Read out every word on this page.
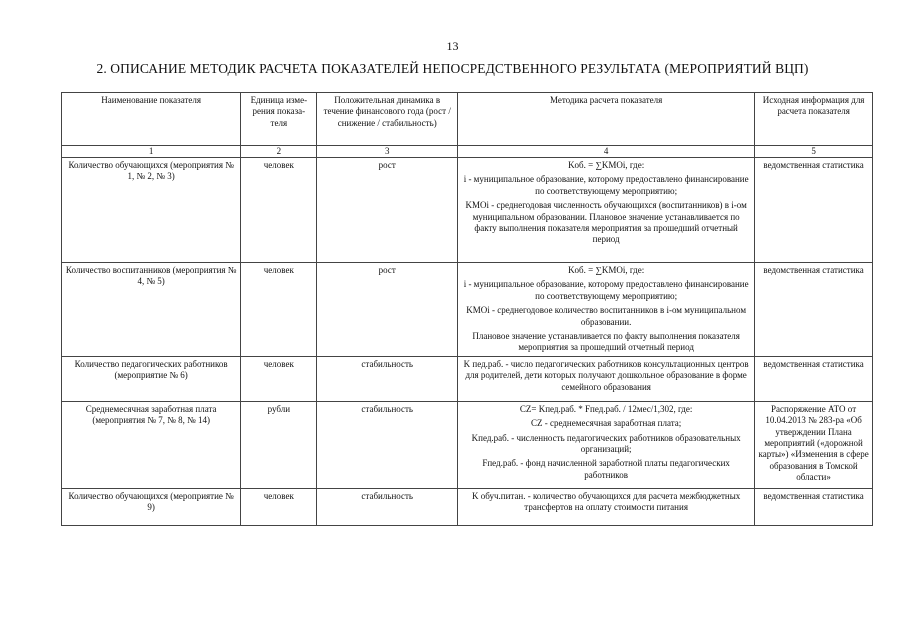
13
2. ОПИСАНИЕ МЕТОДИК РАСЧЕТА ПОКАЗАТЕЛЕЙ НЕПОСРЕДСТВЕННОГО РЕЗУЛЬТАТА (МЕРОПРИЯТИЙ ВЦП)
Наименование показателя	Единица изме-рения показа-теля	Положительная динамика в течение финансового года (рост / снижение / стабильность)	Методика расчета показателя	Исходная информация для расчета показателя
1	2	3	4	5
Количество обучающихся (мероприятия № 1, № 2, № 3)	человек	рост	Kоб. = ∑KMOi, где:

i - муниципальное образование, которому предоставлено финансирование по соответствующему мероприятию;

KMOi - среднегодовая численность обучающихся (воспитанников) в i-ом муниципальном образовании. Плановое значение устанавливается по факту выполнения показателя мероприятия за прошедший отчетный период	ведомственная статистика
Количество воспитанников (мероприятия № 4, № 5)	человек	рост	Kоб. = ∑KMOi, где:

i - муниципальное образование, которому предоставлено финансирование по соответствующему мероприятию;

KMOi - среднегодовое количество воспитанников в i-ом муниципальном образовании.

Плановое значение устанавливается по факту выполнения показателя мероприятия за прошедший отчетный период	ведомственная статистика
Количество педагогических работников (мероприятие № 6)	человек	стабильность	K пед.раб. - число педагогических работников консультационных центров для родителей, дети которых получают дошкольное образование в форме семейного образования	ведомственная статистика
Среднемесячная заработная плата (мероприятия № 7, № 8, № 14)	рубли	стабильность	CZ= Kпед.раб. * Fпед.раб. / 12мес/1,302, где:

CZ - среднемесячная заработная плата;

Kпед.раб. - численность педагогических работников образовательных организаций;

Fпед.раб. - фонд начисленной заработной платы педагогических работников	Распоряжение АТО от 10.04.2013 № 283-ра «Об утверждении Плана мероприятий («дорожной карты») «Изменения в сфере образования в Томской области»
Количество обучающихся (мероприятие № 9)	человек	стабильность	K обуч.питан. - количество обучающихся для расчета межбюджетных трансфертов на оплату стоимости питания	ведомственная статистика
